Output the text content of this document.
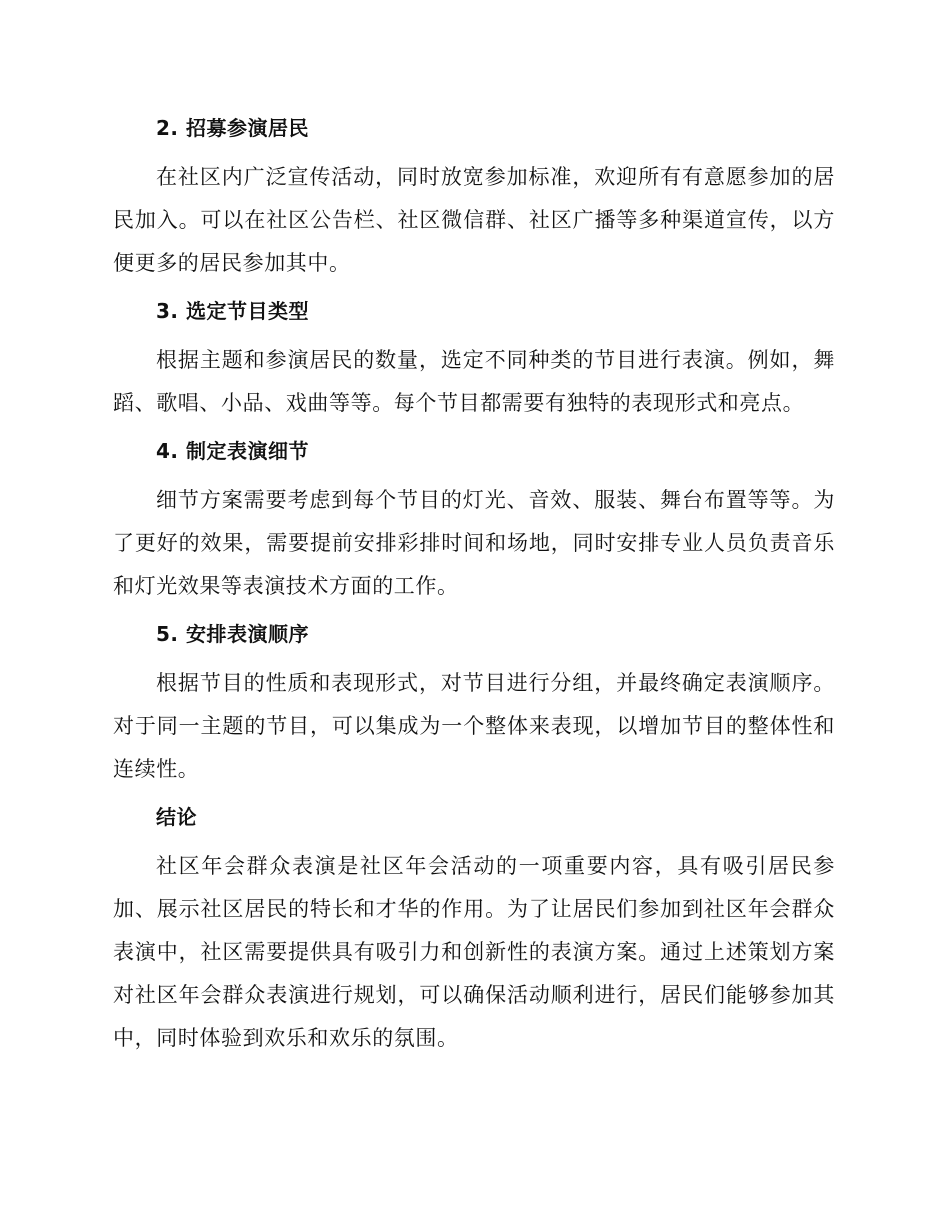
2. 招募参演居民

在社区内广泛宣传活动，同时放宽参加标准，欢迎所有有意愿参加的居民加入。可以在社区公告栏、社区微信群、社区广播等多种渠道宣传，以方便更多的居民参加其中。

3. 选定节目类型

根据主题和参演居民的数量，选定不同种类的节目进行表演。例如，舞蹈、歌唱、小品、戏曲等等。每个节目都需要有独特的表现形式和亮点。

4. 制定表演细节

细节方案需要考虑到每个节目的灯光、音效、服装、舞台布置等等。为了更好的效果，需要提前安排彩排时间和场地，同时安排专业人员负责音乐和灯光效果等表演技术方面的工作。

5. 安排表演顺序

根据节目的性质和表现形式，对节目进行分组，并最终确定表演顺序。对于同一主题的节目，可以集成为一个整体来表现，以增加节目的整体性和连续性。

结论

社区年会群众表演是社区年会活动的一项重要内容，具有吸引居民参加、展示社区居民的特长和才华的作用。为了让居民们参加到社区年会群众表演中，社区需要提供具有吸引力和创新性的表演方案。通过上述策划方案对社区年会群众表演进行规划，可以确保活动顺利进行，居民们能够参加其中，同时体验到欢乐和欢乐的氛围。
